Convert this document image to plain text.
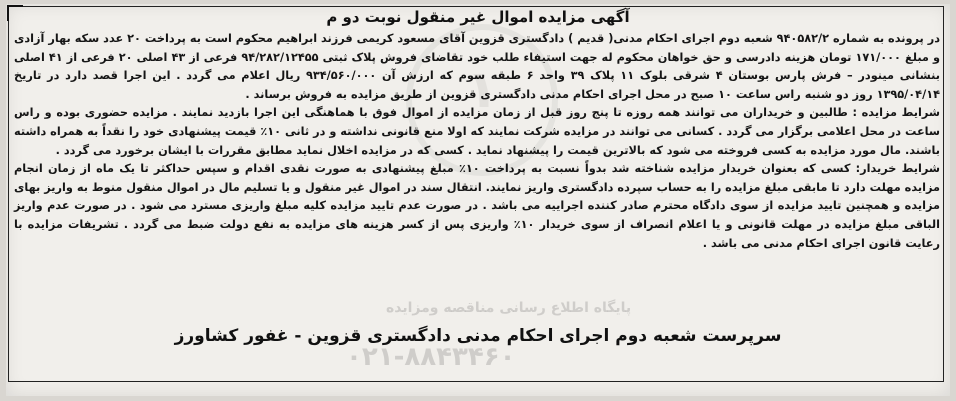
۱
آگهی مزایده اموال غیر منقول نوبت دو م

در پرونده به شماره ۹۴۰۵۸۲/۲ شعبه دوم اجرای احکام مدنی( قدیم ) دادگستری قزوین آقای مسعود کریمی فرزند ابراهیم محکوم است به پرداخت ۲۰ عدد سکه بهار آزادی و مبلغ ۱۷۱/۰۰۰ تومان هزینه دادرسی و حق خواهان محکوم له جهت استیفاء طلب خود تقاضای فروش پلاک ثبتی ۹۴/۲۸۲/۱۲۴۵۵ فرعی از ۴۳ اصلی ۲۰ فرعی از ۴۱ اصلی بنشانی مینودر – فرش پارس بوستان ۴ شرقی بلوک ۱۱ پلاک ۳۹ واحد ۶ طبقه سوم که ارزش آن ۹۳۴/۵۶۰/۰۰۰ ریال اعلام می گردد . این اجرا قصد دارد در تاریخ ۱۳۹۵/۰۴/۱۴ روز دو شنبه راس ساعت ۱۰ صبح در محل اجرای احکام مدنی دادگستری قزوین از طریق مزایده به فروش برساند .

شرایط مزایده : طالبین و خریداران می توانند همه روزه تا پنج روز قبل از زمان مزایده از اموال فوق با هماهنگی این اجرا بازدید نمایند . مزایده حضوری بوده و راس ساعت در محل اعلامی برگزار می گردد . کسانی می توانند در مزایده شرکت نمایند که اولا منع قانونی نداشته و در ثانی ۱۰٪ قیمت پیشنهادی خود را نقداً به همراه داشته باشند. مال مورد مزایده به کسی فروخته می شود که بالاترین قیمت را پیشنهاد نماید . کسی که در مزایده اخلال نماید مطابق مقررات با ایشان برخورد می گردد .

شرایط خریدار: کسی که بعنوان خریدار مزایده شناخته شد بدواً نسبت به پرداخت ۱۰٪ مبلغ پیشنهادی به صورت نقدی اقدام و سپس حداکثر تا یک ماه از زمان انجام مزایده مهلت دارد تا مابقی مبلغ مزایده را به حساب سپرده دادگستری واریز نمایند. انتقال سند در اموال غیر منقول و یا تسلیم مال در اموال منقول منوط به واریز بهای مزایده و همچنین تایید مزایده از سوی دادگاه محترم صادر کننده اجراییه می باشد . در صورت عدم تایید مزایده کلیه مبلغ واریزی مسترد می شود . در صورت عدم واریز الباقی مبلغ مزایده در مهلت قانونی و یا اعلام انصراف از سوی خریدار ۱۰٪ واریزی پس از کسر هزینه های مزایده به نفع دولت ضبط می گردد . تشریفات مزایده با رعایت قانون اجرای احکام مدنی می باشد .

پایگاه اطلاع رسانی مناقصه ومزایده
۰۲۱-۸۸۴۳۴۶۰
سرپرست شعبه دوم اجرای احکام مدنی دادگستری قزوین - غفور کشاورز
